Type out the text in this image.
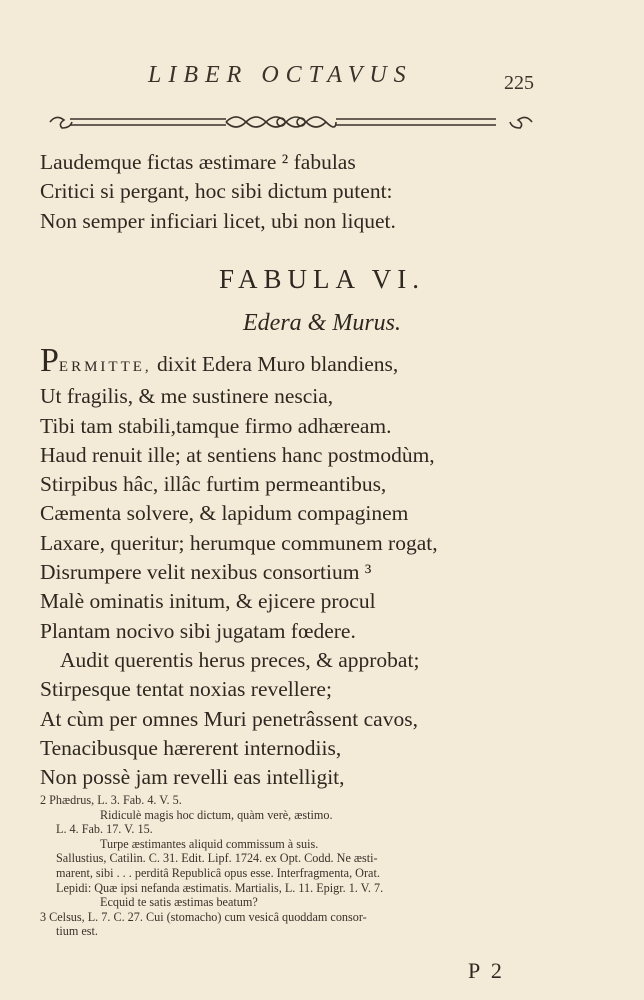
LIBER OCTAVUS	225
Laudemque fictas æstimare ² fabulas
Critici si pergant, hoc sibi dictum putent:
Non semper inficiari licet, ubi non liquet.
FABULA VI.
Edera & Murus.
PERMITTE, dixit Edera Muro blandiens,
Ut fragilis, & me sustinere nescia,
Tibi tam stabili,tamque firmo adhæream.
Haud renuit ille; at sentiens hanc postmodùm,
Stirpibus hâc, illâc furtim permeantibus,
Cæmenta solvere, & lapidum compaginem
Laxare, queritur; herumque communem rogat,
Disrumpere velit nexibus consortium ³
Malè ominatis initum, & ejicere procul
Plantam nocivo sibi jugatam fœdere.
Audit querentis herus preces, & approbat;
Stirpesque tentat noxias revellere;
At cùm per omnes Muri penetrâssent cavos,
Tenacibusque hærerent internodiis,
Non possè jam revelli eas intelligit,
2 Phædrus, L. 3. Fab. 4. V. 5.
Ridiculè magis hoc dictum, quàm verè, æstimo.
L. 4. Fab. 17. V. 15.
Turpe æstimantes aliquid commissum à suis.
Sallustius, Catilin. C. 31. Edit. Lipf. 1724. ex Opt. Codd. Ne æsti-
marent, sibi . . . perditâ Republicâ opus esse. Interfragmenta, Orat.
Lepidi: Quæ ipsi nefanda æstimatis. Martialis, L. 11. Epigr. 1. V. 7.
Ecquid te satis æstimas beatum?
3 Celsus, L. 7. C. 27. Cui (stomacho) cum vesicâ quoddam consor-
tium est.
P 2
